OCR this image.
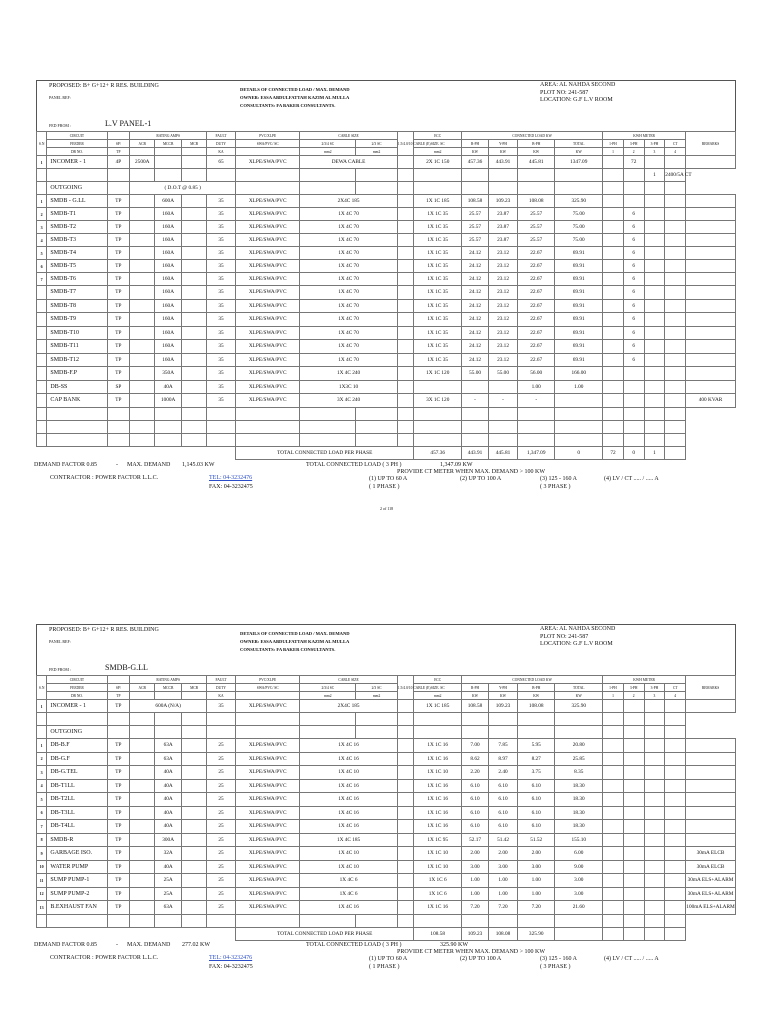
PROPOSED: B+ G+12+ R RES. BUILDING
PANEL REF:
DETAILS OF CONNECTED LOAD / MAX. DEMAND
OWNER: ESSA ABDULFATTAH KAZIM AL MULLA
CONSULTANTS: FA BAKER CONSULTANTS.
AREA: AL NAHDA SECOND
PLOT NO: 241-587
LOCATION: G.F L.V ROOM
FED FROM :	L.V PANEL-1
S.N	CIRCUIT		RATING AMPS			FAULT	PVC/XLPE	CABLE SIZE		1.5/4.0/10 CABLE (E)	ECC	CONNECTED LOAD KW				KWH METER				REMARKS
	FEEDER	SP/	ACB	MCCB	MCB	DUTY	SWA/PVC/ SC	2/3/4 SC	2/3 SC		SIZE. SC	R-PH	Y-PH	B-PH	TOTAL	1-PH	3-PH	3-PH	CT	
	DB NO.	TP				KA		mm2	mm2		mm2	KW	KW	KW	KW	1	2	3	4	
1	INCOMER - 1	4P	2500A			65	XLPE/SWA/PVC	DEWA CABLE			2X 1C 150	457.36	443.91	445.81	1347.09		72			
																		1	2400/5A CT	
	OUTGOING		( D.O.T @ 0.85 )																	
1	SMDB - G.LL	TP		600A		35	XLPE/SWA/PVC	2X4C 185			1X 1C 185	108.58	109.23	108.08	325.90					
2	SMDB-T1	TP		160A		35	XLPE/SWA/PVC	1X 4C 70			1X 1C 35	25.57	23.87	25.57	75.00		6			
3	SMDB-T2	TP		160A		35	XLPE/SWA/PVC	1X 4C 70			1X 1C 35	25.57	23.87	25.57	75.00		6			
4	SMDB-T3	TP		160A		35	XLPE/SWA/PVC	1X 4C 70			1X 1C 35	25.57	23.87	25.57	75.00		6			
5	SMDB-T4	TP		160A		35	XLPE/SWA/PVC	1X 4C 70			1X 1C 35	24.12	23.12	22.67	69.91		6			
6	SMDB-T5	TP		160A		35	XLPE/SWA/PVC	1X 4C 70			1X 1C 35	24.12	23.12	22.67	69.91		6			
7	SMDB-T6	TP		160A		35	XLPE/SWA/PVC	1X 4C 70			1X 1C 35	24.12	23.12	22.67	69.91		6			
	SMDB-T7	TP		160A		35	XLPE/SWA/PVC	1X 4C 70			1X 1C 35	24.12	23.12	22.67	69.91		6			
	SMDB-T8	TP		160A		35	XLPE/SWA/PVC	1X 4C 70			1X 1C 35	24.12	23.12	22.67	69.91		6			
	SMDB-T9	TP		160A		35	XLPE/SWA/PVC	1X 4C 70			1X 1C 35	24.12	23.12	22.67	69.91		6			
	SMDB-T10	TP		160A		35	XLPE/SWA/PVC	1X 4C 70			1X 1C 35	24.12	23.12	22.67	69.91		6			
	SMDB-T11	TP		160A		35	XLPE/SWA/PVC	1X 4C 70			1X 1C 35	24.12	23.12	22.67	69.91		6			
	SMDB-T12	TP		160A		35	XLPE/SWA/PVC	1X 4C 70			1X 1C 35	24.12	23.12	22.67	69.91		6			
	SMDB-F.P	TP		350A		35	XLPE/SWA/PVC	1X 4C 240			1X 1C 120	55.00	55.00	56.00	166.00					
	DB-SS	SP		40A		35	XLPE/SWA/PVC	1X3C 10						1.00	1.00					
	CAP BANK	TP		1000A		35	XLPE/SWA/PVC	3X 4C 240			3X 1C 120	-	-	-						400 KVAR

							TOTAL CONNECTED LOAD PER PHASE				457.36	443.91	445.81	1,347.09	0	72	0	1		
DEMAND FACTOR 0.85	- MAX. DEMAND 1,145.03 KW	TOTAL CONNECTED LOAD ( 3 PH )	1,347.09 KW
PROVIDE CT METER WHEN MAX. DEMAND > 100 KW
CONTRACTOR : POWER FACTOR L.L.C.	TEL: 04-3232476
FAX: 04-3232475
(1) UP TO 60 A	(2) UP TO 100 A	(3) 125 - 160 A	(4) LV / CT ..... / ..... A
( 1 PHASE )	( 3 PHASE )
2 of 118
PROPOSED: B+ G+12+ R RES. BUILDING
PANEL REF:
DETAILS OF CONNECTED LOAD / MAX. DEMAND
OWNER: ESSA ABDULFATTAH KAZIM AL MULLA
CONSULTANTS: FA BAKER CONSULTANTS.
AREA: AL NAHDA SECOND
PLOT NO: 241-587
LOCATION: G.F L.V ROOM
FED FROM :	SMDB-G.LL
S.N	CIRCUIT		RATING AMPS			FAULT	PVC/XLPE	CABLE SIZE		1.5/4.0/10 CABLE (E)	ECC	CONNECTED LOAD KW				KWH METER				REMARKS
	FEEDER	SP/	ACB	MCCB	MCB	DUTY	SWA/PVC/ SC	2/3/4 SC	2/3 SC		SIZE. SC	R-PH	Y-PH	B-PH	TOTAL	1-PH	3-PH	3-PH	CT	
	DB NO.	TP				KA		mm2	mm2		mm2	KW	KW	KW	KW	1	2	3	4	
1	INCOMER - 1	TP	600A (N/A)			35	XLPE/SWA/PVC	2X4C 185			1X 1C 185	108.58	109.23	108.08	325.90					

	OUTGOING																			
1	DB-B.F	TP		63A		25	XLPE/SWA/PVC	1X 4C 16			1X 1C 16	7.00	7.85	5.95	20.80					
2	DB-G.F	TP		63A		25	XLPE/SWA/PVC	1X 4C 16			1X 1C 16	8.62	8.97	8.27	25.85					
3	DB-G.TEL	TP		40A		25	XLPE/SWA/PVC	1X 4C 10			1X 1C 10	2.20	2.40	3.75	8.35					
4	DB-T1LL	TP		40A		25	XLPE/SWA/PVC	1X 4C 16			1X 1C 16	6.10	6.10	6.10	18.30					
5	DB-T2LL	TP		40A		25	XLPE/SWA/PVC	1X 4C 16			1X 1C 16	6.10	6.10	6.10	18.30					
6	DB-T3LL	TP		40A		25	XLPE/SWA/PVC	1X 4C 16			1X 1C 16	6.10	6.10	6.10	18.30					
7	DB-T4LL	TP		40A		25	XLPE/SWA/PVC	1X 4C 16			1X 1C 16	6.10	6.10	6.10	18.30					
8	SMDB-R	TP		300A		25	XLPE/SWA/PVC	1X 4C 185			1X 1C 95	52.17	51.42	51.52	155.10					
9	GARBAGE ISO.	TP		32A		25	XLPE/SWA/PVC	1X 4C 10			1X 1C 10	2.00	2.00	2.00	6.00					30mA ELCB
10	WATER PUMP	TP		40A		25	XLPE/SWA/PVC	1X 4C 10			1X 1C 10	3.00	3.00	3.00	9.00					30mA ELCB
11	SUMP PUMP-1	TP		25A		25	XLPE/SWA/PVC	1X 4C 6			1X 1C 6	1.00	1.00	1.00	3.00					30mA ELS+ALARM
12	SUMP PUMP-2	TP		25A		25	XLPE/SWA/PVC	1X 4C 6			1X 1C 6	1.00	1.00	1.00	3.00					30mA ELS+ALARM
13	B.EXHAUST FAN	TP		63A		25	XLPE/SWA/PVC	1X 4C 16			1X 1C 16	7.20	7.20	7.20	21.60					100mA ELS+ALARM

							TOTAL CONNECTED LOAD PER PHASE				108.58	109.23	108.08	325.90						
DEMAND FACTOR 0.85	- MAX. DEMAND 277.02 KW	TOTAL CONNECTED LOAD ( 3 PH )	325.90 KW
PROVIDE CT METER WHEN MAX. DEMAND > 100 KW
CONTRACTOR : POWER FACTOR L.L.C.	TEL: 04-3232476
FAX: 04-3232475
(1) UP TO 60 A	(2) UP TO 100 A	(3) 125 - 160 A	(4) LV / CT ..... / ..... A
( 1 PHASE )	( 3 PHASE )
